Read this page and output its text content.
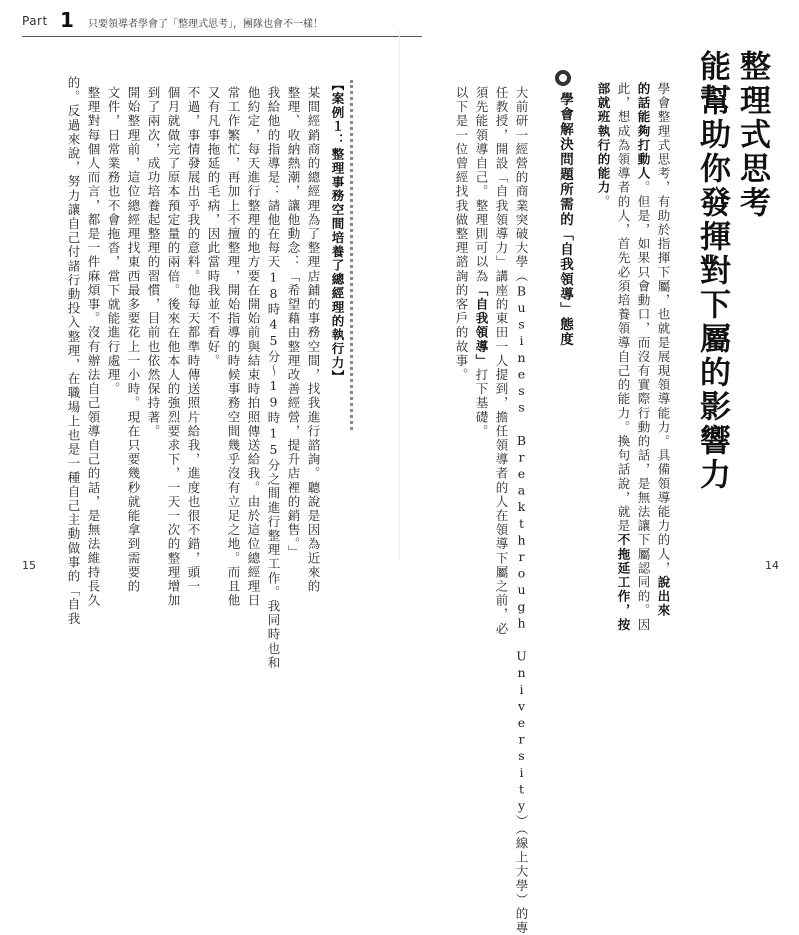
Part 1 只要領導者學會了「整理式思考」，團隊也會不一樣！
整理式思考
能幫助你發揮對下屬的影響力
學會整理式思考，有助於指揮下屬，也就是展現領導能力。具備領導能力的人，說出來
的話能夠打動人。但是，如果只會動口，而沒有實際行動的話，是無法讓下屬認同的。因
此，想成為領導者的人，首先必須培養領導自己的能力。換句話說，就是不拖延工作，按
部就班執行的能力。
學會解決問題所需的「自我領導」態度
大前研一經營的商業突破大學（Business Breakthrough University）（線上大學）的專
任教授，開設「自我領導力」講座的東田一人提到，擔任領導者的人在領導下屬之前，必
須先能領導自己。整理則可以為「自我領導」打下基礎。
以下是一位曾經找我做整理諮詢的客戶的故事。
14
【案例１：整理事務空間培養了總經理的執行力】
某間經銷商的總經理為了整理店鋪的事務空間，找我進行諮詢。聽說是因為近來的
整理、收納熱潮，讓他動念：「希望藉由整理改善經營，提升店裡的銷售。」
我給他的指導是：請他在每天18時45分～19時15分之間進行整理工作。我同時也和
他約定，每天進行整理的地方要在開始前與結束時拍照傳送給我。由於這位總經理日
常工作繁忙，再加上不擅整理，開始指導的時候事務空間幾乎沒有立足之地。而且他
又有凡事拖延的毛病，因此當時我並不看好。
不過，事情發展出乎我的意料。他每天都準時傳送照片給我，進度也很不錯，頭一
個月就做完了原本預定量的兩倍。後來在他本人的強烈要求下，一天一次的整理增加
到了兩次，成功培養起整理的習慣，目前也依然保持著。
開始整理前，這位總經理找東西最多要花上一小時。現在只要幾秒就能拿到需要的
文件，日常業務也不會拖沓，當下就能進行處理。
整理對每個人而言，都是一件麻煩事。沒有辦法自己領導自己的話，是無法維持長久
的。反過來說，努力讓自己付諸行動投入整理，在職場上也是一種自己主動做事的「自我
15
